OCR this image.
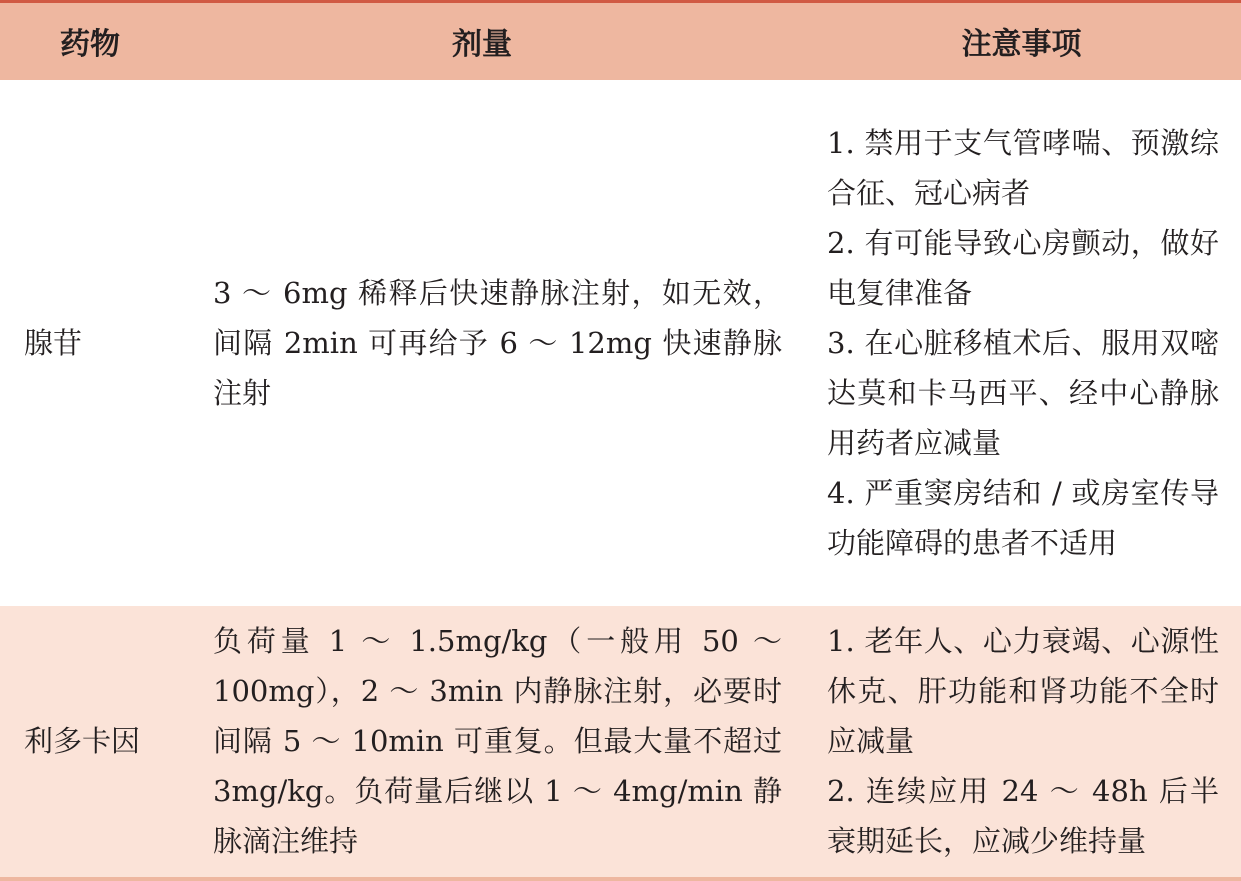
药物	剂量	注意事项
腺苷	3 ～ 6mg 稀释后快速静脉注射，如无效，间隔 2min 可再给予 6 ～ 12mg 快速静脉注射	1. 禁用于支气管哮喘、预激综合征、冠心病者
2. 有可能导致心房颤动，做好电复律准备
3. 在心脏移植术后、服用双嘧达莫和卡马西平、经中心静脉用药者应减量
4. 严重窦房结和 / 或房室传导功能障碍的患者不适用

利多卡因	负荷量 1 ～ 1.5mg/kg（一般用 50 ～ 100mg），2 ～ 3min 内静脉注射，必要时间隔 5 ～ 10min 可重复。但最大量不超过 3mg/kg。负荷量后继以 1 ～ 4mg/min 静脉滴注维持	1. 老年人、心力衰竭、心源性休克、肝功能和肾功能不全时应减量
2. 连续应用 24 ～ 48h 后半衰期延长，应减少维持量
